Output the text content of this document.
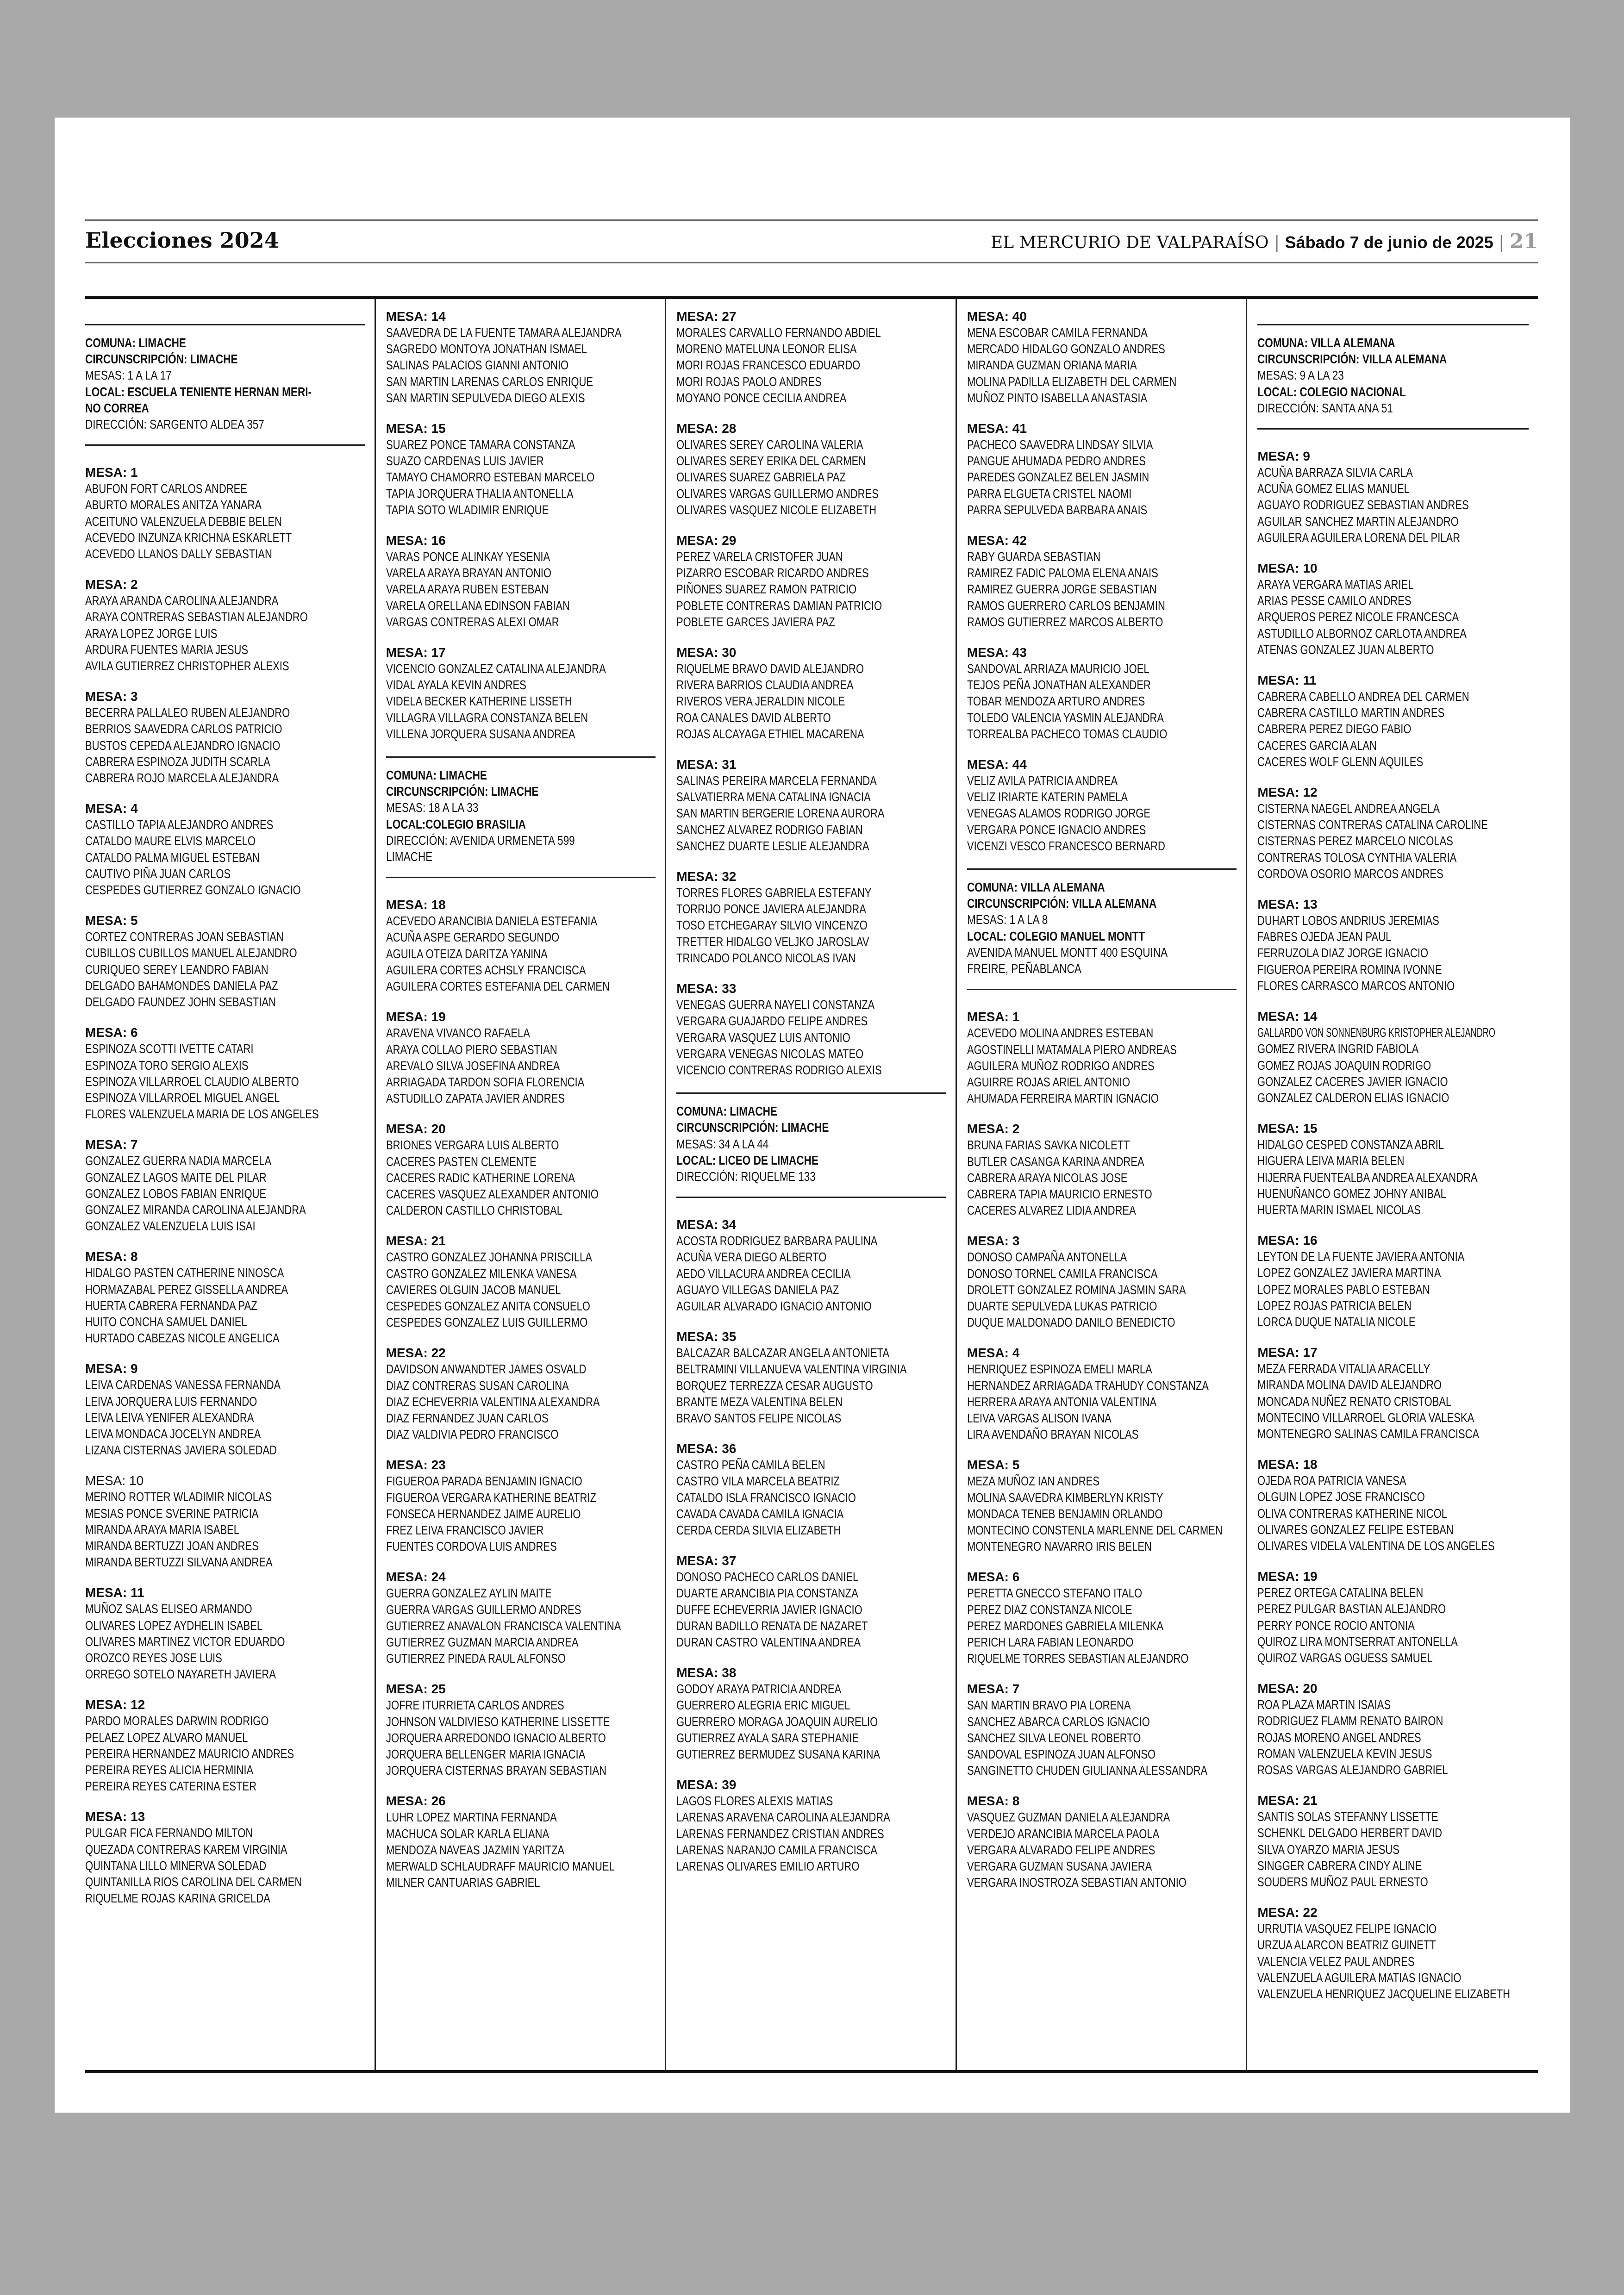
Elecciones 2024	EL MERCURIO DE VALPARAÍSO | Sábado 7 de junio de 2025 | 21
COMUNA: LIMACHE
CIRCUNSCRIPCIÓN: LIMACHE
MESAS: 1 A LA 17
LOCAL: ESCUELA TENIENTE HERNAN MERI-
NO CORREA
DIRECCIÓN: SARGENTO ALDEA 357
MESA: 1
ABUFON FORT CARLOS ANDREE
ABURTO MORALES ANITZA YANARA
ACEITUNO VALENZUELA DEBBIE BELEN
ACEVEDO INZUNZA KRICHNA ESKARLETT
ACEVEDO LLANOS DALLY SEBASTIAN
MESA: 2
ARAYA ARANDA CAROLINA ALEJANDRA
ARAYA CONTRERAS SEBASTIAN ALEJANDRO
ARAYA LOPEZ JORGE LUIS
ARDURA FUENTES MARIA JESUS
AVILA GUTIERREZ CHRISTOPHER ALEXIS
MESA: 3
BECERRA PALLALEO RUBEN ALEJANDRO
BERRIOS SAAVEDRA CARLOS PATRICIO
BUSTOS CEPEDA ALEJANDRO IGNACIO
CABRERA ESPINOZA JUDITH SCARLA
CABRERA ROJO MARCELA ALEJANDRA
MESA: 4
CASTILLO TAPIA ALEJANDRO ANDRES
CATALDO MAURE ELVIS MARCELO
CATALDO PALMA MIGUEL ESTEBAN
CAUTIVO PIÑA JUAN CARLOS
CESPEDES GUTIERREZ GONZALO IGNACIO
MESA: 5
CORTEZ CONTRERAS JOAN SEBASTIAN
CUBILLOS CUBILLOS MANUEL ALEJANDRO
CURIQUEO SEREY LEANDRO FABIAN
DELGADO BAHAMONDES DANIELA PAZ
DELGADO FAUNDEZ JOHN SEBASTIAN
MESA: 6
ESPINOZA SCOTTI IVETTE CATARI
ESPINOZA TORO SERGIO ALEXIS
ESPINOZA VILLARROEL CLAUDIO ALBERTO
ESPINOZA VILLARROEL MIGUEL ANGEL
FLORES VALENZUELA MARIA DE LOS ANGELES
MESA: 7
GONZALEZ GUERRA NADIA MARCELA
GONZALEZ LAGOS MAITE DEL PILAR
GONZALEZ LOBOS FABIAN ENRIQUE
GONZALEZ MIRANDA CAROLINA ALEJANDRA
GONZALEZ VALENZUELA LUIS ISAI
MESA: 8
HIDALGO PASTEN CATHERINE NINOSCA
HORMAZABAL PEREZ GISSELLA ANDREA
HUERTA CABRERA FERNANDA PAZ
HUITO CONCHA SAMUEL DANIEL
HURTADO CABEZAS NICOLE ANGELICA
MESA: 9
LEIVA CARDENAS VANESSA FERNANDA
LEIVA JORQUERA LUIS FERNANDO
LEIVA LEIVA YENIFER ALEXANDRA
LEIVA MONDACA JOCELYN ANDREA
LIZANA CISTERNAS JAVIERA SOLEDAD
MESA: 10
MERINO ROTTER WLADIMIR NICOLAS
MESIAS PONCE SVERINE PATRICIA
MIRANDA ARAYA MARIA ISABEL
MIRANDA BERTUZZI JOAN ANDRES
MIRANDA BERTUZZI SILVANA ANDREA
MESA: 11
MUÑOZ SALAS ELISEO ARMANDO
OLIVARES LOPEZ AYDHELIN ISABEL
OLIVARES MARTINEZ VICTOR EDUARDO
OROZCO REYES JOSE LUIS
ORREGO SOTELO NAYARETH JAVIERA
MESA: 12
PARDO MORALES DARWIN RODRIGO
PELAEZ LOPEZ ALVARO MANUEL
PEREIRA HERNANDEZ MAURICIO ANDRES
PEREIRA REYES ALICIA HERMINIA
PEREIRA REYES CATERINA ESTER
MESA: 13
PULGAR FICA FERNANDO MILTON
QUEZADA CONTRERAS KAREM VIRGINIA
QUINTANA LILLO MINERVA SOLEDAD
QUINTANILLA RIOS CAROLINA DEL CARMEN
RIQUELME ROJAS KARINA GRICELDA
MESA: 14
SAAVEDRA DE LA FUENTE TAMARA ALEJANDRA
SAGREDO MONTOYA JONATHAN ISMAEL
SALINAS PALACIOS GIANNI ANTONIO
SAN MARTIN LARENAS CARLOS ENRIQUE
SAN MARTIN SEPULVEDA DIEGO ALEXIS
MESA: 15
SUAREZ PONCE TAMARA CONSTANZA
SUAZO CARDENAS LUIS JAVIER
TAMAYO CHAMORRO ESTEBAN MARCELO
TAPIA JORQUERA THALIA ANTONELLA
TAPIA SOTO WLADIMIR ENRIQUE
MESA: 16
VARAS PONCE ALINKAY YESENIA
VARELA ARAYA BRAYAN ANTONIO
VARELA ARAYA RUBEN ESTEBAN
VARELA ORELLANA EDINSON FABIAN
VARGAS CONTRERAS ALEXI OMAR
MESA: 17
VICENCIO GONZALEZ CATALINA ALEJANDRA
VIDAL AYALA KEVIN ANDRES
VIDELA BECKER KATHERINE LISSETH
VILLAGRA VILLAGRA CONSTANZA BELEN
VILLENA JORQUERA SUSANA ANDREA
COMUNA: LIMACHE
CIRCUNSCRIPCIÓN: LIMACHE
MESAS: 18 A LA 33
LOCAL:COLEGIO BRASILIA
DIRECCIÓN: AVENIDA URMENETA 599
LIMACHE
MESA: 18
ACEVEDO ARANCIBIA DANIELA ESTEFANIA
ACUÑA ASPE GERARDO SEGUNDO
AGUILA OTEIZA DARITZA YANINA
AGUILERA CORTES ACHSLY FRANCISCA
AGUILERA CORTES ESTEFANIA DEL CARMEN
MESA: 19
ARAVENA VIVANCO RAFAELA
ARAYA COLLAO PIERO SEBASTIAN
AREVALO SILVA JOSEFINA ANDREA
ARRIAGADA TARDON SOFIA FLORENCIA
ASTUDILLO ZAPATA JAVIER ANDRES
MESA: 20
BRIONES VERGARA LUIS ALBERTO
CACERES PASTEN CLEMENTE
CACERES RADIC KATHERINE LORENA
CACERES VASQUEZ ALEXANDER ANTONIO
CALDERON CASTILLO CHRISTOBAL
MESA: 21
CASTRO GONZALEZ JOHANNA PRISCILLA
CASTRO GONZALEZ MILENKA VANESA
CAVIERES OLGUIN JACOB MANUEL
CESPEDES GONZALEZ ANITA CONSUELO
CESPEDES GONZALEZ LUIS GUILLERMO
MESA: 22
DAVIDSON ANWANDTER JAMES OSVALD
DIAZ CONTRERAS SUSAN CAROLINA
DIAZ ECHEVERRIA VALENTINA ALEXANDRA
DIAZ FERNANDEZ JUAN CARLOS
DIAZ VALDIVIA PEDRO FRANCISCO
MESA: 23
FIGUEROA PARADA BENJAMIN IGNACIO
FIGUEROA VERGARA KATHERINE BEATRIZ
FONSECA HERNANDEZ JAIME AURELIO
FREZ LEIVA FRANCISCO JAVIER
FUENTES CORDOVA LUIS ANDRES
MESA: 24
GUERRA GONZALEZ AYLIN MAITE
GUERRA VARGAS GUILLERMO ANDRES
GUTIERREZ ANAVALON FRANCISCA VALENTINA
GUTIERREZ GUZMAN MARCIA ANDREA
GUTIERREZ PINEDA RAUL ALFONSO
MESA: 25
JOFRE ITURRIETA CARLOS ANDRES
JOHNSON VALDIVIESO KATHERINE LISSETTE
JORQUERA ARREDONDO IGNACIO ALBERTO
JORQUERA BELLENGER MARIA IGNACIA
JORQUERA CISTERNAS BRAYAN SEBASTIAN
MESA: 26
LUHR LOPEZ MARTINA FERNANDA
MACHUCA SOLAR KARLA ELIANA
MENDOZA NAVEAS JAZMIN YARITZA
MERWALD SCHLAUDRAFF MAURICIO MANUEL
MILNER CANTUARIAS GABRIEL
MESA: 27
MORALES CARVALLO FERNANDO ABDIEL
MORENO MATELUNA LEONOR ELISA
MORI ROJAS FRANCESCO EDUARDO
MORI ROJAS PAOLO ANDRES
MOYANO PONCE CECILIA ANDREA
MESA: 28
OLIVARES SEREY CAROLINA VALERIA
OLIVARES SEREY ERIKA DEL CARMEN
OLIVARES SUAREZ GABRIELA PAZ
OLIVARES VARGAS GUILLERMO ANDRES
OLIVARES VASQUEZ NICOLE ELIZABETH
MESA: 29
PEREZ VARELA CRISTOFER JUAN
PIZARRO ESCOBAR RICARDO ANDRES
PIÑONES SUAREZ RAMON PATRICIO
POBLETE CONTRERAS DAMIAN PATRICIO
POBLETE GARCES JAVIERA PAZ
MESA: 30
RIQUELME BRAVO DAVID ALEJANDRO
RIVERA BARRIOS CLAUDIA ANDREA
RIVEROS VERA JERALDIN NICOLE
ROA CANALES DAVID ALBERTO
ROJAS ALCAYAGA ETHIEL MACARENA
MESA: 31
SALINAS PEREIRA MARCELA FERNANDA
SALVATIERRA MENA CATALINA IGNACIA
SAN MARTIN BERGERIE LORENA AURORA
SANCHEZ ALVAREZ RODRIGO FABIAN
SANCHEZ DUARTE LESLIE ALEJANDRA
MESA: 32
TORRES FLORES GABRIELA ESTEFANY
TORRIJO PONCE JAVIERA ALEJANDRA
TOSO ETCHEGARAY SILVIO VINCENZO
TRETTER HIDALGO VELJKO JAROSLAV
TRINCADO POLANCO NICOLAS IVAN
MESA: 33
VENEGAS GUERRA NAYELI CONSTANZA
VERGARA GUAJARDO FELIPE ANDRES
VERGARA VASQUEZ LUIS ANTONIO
VERGARA VENEGAS NICOLAS MATEO
VICENCIO CONTRERAS RODRIGO ALEXIS
COMUNA: LIMACHE
CIRCUNSCRIPCIÓN: LIMACHE
MESAS: 34 A LA 44
LOCAL: LICEO DE LIMACHE
DIRECCIÓN: RIQUELME 133
MESA: 34
ACOSTA RODRIGUEZ BARBARA PAULINA
ACUÑA VERA DIEGO ALBERTO
AEDO VILLACURA ANDREA CECILIA
AGUAYO VILLEGAS DANIELA PAZ
AGUILAR ALVARADO IGNACIO ANTONIO
MESA: 35
BALCAZAR BALCAZAR ANGELA ANTONIETA
BELTRAMINI VILLANUEVA VALENTINA VIRGINIA
BORQUEZ TERREZZA CESAR AUGUSTO
BRANTE MEZA VALENTINA BELEN
BRAVO SANTOS FELIPE NICOLAS
MESA: 36
CASTRO PEÑA CAMILA BELEN
CASTRO VILA MARCELA BEATRIZ
CATALDO ISLA FRANCISCO IGNACIO
CAVADA CAVADA CAMILA IGNACIA
CERDA CERDA SILVIA ELIZABETH
MESA: 37
DONOSO PACHECO CARLOS DANIEL
DUARTE ARANCIBIA PIA CONSTANZA
DUFFE ECHEVERRIA JAVIER IGNACIO
DURAN BADILLO RENATA DE NAZARET
DURAN CASTRO VALENTINA ANDREA
MESA: 38
GODOY ARAYA PATRICIA ANDREA
GUERRERO ALEGRIA ERIC MIGUEL
GUERRERO MORAGA JOAQUIN AURELIO
GUTIERREZ AYALA SARA STEPHANIE
GUTIERREZ BERMUDEZ SUSANA KARINA
MESA: 39
LAGOS FLORES ALEXIS MATIAS
LARENAS ARAVENA CAROLINA ALEJANDRA
LARENAS FERNANDEZ CRISTIAN ANDRES
LARENAS NARANJO CAMILA FRANCISCA
LARENAS OLIVARES EMILIO ARTURO
MESA: 40
MENA ESCOBAR CAMILA FERNANDA
MERCADO HIDALGO GONZALO ANDRES
MIRANDA GUZMAN ORIANA MARIA
MOLINA PADILLA ELIZABETH DEL CARMEN
MUÑOZ PINTO ISABELLA ANASTASIA
MESA: 41
PACHECO SAAVEDRA LINDSAY SILVIA
PANGUE AHUMADA PEDRO ANDRES
PAREDES GONZALEZ BELEN JASMIN
PARRA ELGUETA CRISTEL NAOMI
PARRA SEPULVEDA BARBARA ANAIS
MESA: 42
RABY GUARDA SEBASTIAN
RAMIREZ FADIC PALOMA ELENA ANAIS
RAMIREZ GUERRA JORGE SEBASTIAN
RAMOS GUERRERO CARLOS BENJAMIN
RAMOS GUTIERREZ MARCOS ALBERTO
MESA: 43
SANDOVAL ARRIAZA MAURICIO JOEL
TEJOS PEÑA JONATHAN ALEXANDER
TOBAR MENDOZA ARTURO ANDRES
TOLEDO VALENCIA YASMIN ALEJANDRA
TORREALBA PACHECO TOMAS CLAUDIO
MESA: 44
VELIZ AVILA PATRICIA ANDREA
VELIZ IRIARTE KATERIN PAMELA
VENEGAS ALAMOS RODRIGO JORGE
VERGARA PONCE IGNACIO ANDRES
VICENZI VESCO FRANCESCO BERNARD
COMUNA: VILLA ALEMANA
CIRCUNSCRIPCIÓN: VILLA ALEMANA
MESAS: 1 A LA 8
LOCAL: COLEGIO MANUEL MONTT
AVENIDA MANUEL MONTT 400 ESQUINA
FREIRE, PEÑABLANCA
MESA: 1
ACEVEDO MOLINA ANDRES ESTEBAN
AGOSTINELLI MATAMALA PIERO ANDREAS
AGUILERA MUÑOZ RODRIGO ANDRES
AGUIRRE ROJAS ARIEL ANTONIO
AHUMADA FERREIRA MARTIN IGNACIO
MESA: 2
BRUNA FARIAS SAVKA NICOLETT
BUTLER CASANGA KARINA ANDREA
CABRERA ARAYA NICOLAS JOSE
CABRERA TAPIA MAURICIO ERNESTO
CACERES ALVAREZ LIDIA ANDREA
MESA: 3
DONOSO CAMPAÑA ANTONELLA
DONOSO TORNEL CAMILA FRANCISCA
DROLETT GONZALEZ ROMINA JASMIN SARA
DUARTE SEPULVEDA LUKAS PATRICIO
DUQUE MALDONADO DANILO BENEDICTO
MESA: 4
HENRIQUEZ ESPINOZA EMELI MARLA
HERNANDEZ ARRIAGADA TRAHUDY CONSTANZA
HERRERA ARAYA ANTONIA VALENTINA
LEIVA VARGAS ALISON IVANA
LIRA AVENDAÑO BRAYAN NICOLAS
MESA: 5
MEZA MUÑOZ IAN ANDRES
MOLINA SAAVEDRA KIMBERLYN KRISTY
MONDACA TENEB BENJAMIN ORLANDO
MONTECINO CONSTENLA MARLENNE DEL CARMEN
MONTENEGRO NAVARRO IRIS BELEN
MESA: 6
PERETTA GNECCO STEFANO ITALO
PEREZ DIAZ CONSTANZA NICOLE
PEREZ MARDONES GABRIELA MILENKA
PERICH LARA FABIAN LEONARDO
RIQUELME TORRES SEBASTIAN ALEJANDRO
MESA: 7
SAN MARTIN BRAVO PIA LORENA
SANCHEZ ABARCA CARLOS IGNACIO
SANCHEZ SILVA LEONEL ROBERTO
SANDOVAL ESPINOZA JUAN ALFONSO
SANGINETTO CHUDEN GIULIANNA ALESSANDRA
MESA: 8
VASQUEZ GUZMAN DANIELA ALEJANDRA
VERDEJO ARANCIBIA MARCELA PAOLA
VERGARA ALVARADO FELIPE ANDRES
VERGARA GUZMAN SUSANA JAVIERA
VERGARA INOSTROZA SEBASTIAN ANTONIO
COMUNA: VILLA ALEMANA
CIRCUNSCRIPCIÓN: VILLA ALEMANA
MESAS: 9 A LA 23
LOCAL: COLEGIO NACIONAL
DIRECCIÓN: SANTA ANA 51
MESA: 9
ACUÑA BARRAZA SILVIA CARLA
ACUÑA GOMEZ ELIAS MANUEL
AGUAYO RODRIGUEZ SEBASTIAN ANDRES
AGUILAR SANCHEZ MARTIN ALEJANDRO
AGUILERA AGUILERA LORENA DEL PILAR
MESA: 10
ARAYA VERGARA MATIAS ARIEL
ARIAS PESSE CAMILO ANDRES
ARQUEROS PEREZ NICOLE FRANCESCA
ASTUDILLO ALBORNOZ CARLOTA ANDREA
ATENAS GONZALEZ JUAN ALBERTO
MESA: 11
CABRERA CABELLO ANDREA DEL CARMEN
CABRERA CASTILLO MARTIN ANDRES
CABRERA PEREZ DIEGO FABIO
CACERES GARCIA ALAN
CACERES WOLF GLENN AQUILES
MESA: 12
CISTERNA NAEGEL ANDREA ANGELA
CISTERNAS CONTRERAS CATALINA CAROLINE
CISTERNAS PEREZ MARCELO NICOLAS
CONTRERAS TOLOSA CYNTHIA VALERIA
CORDOVA OSORIO MARCOS ANDRES
MESA: 13
DUHART LOBOS ANDRIUS JEREMIAS
FABRES OJEDA JEAN PAUL
FERRUZOLA DIAZ JORGE IGNACIO
FIGUEROA PEREIRA ROMINA IVONNE
FLORES CARRASCO MARCOS ANTONIO
MESA: 14
GALLARDO VON SONNENBURG KRISTOPHER ALEJANDRO
GOMEZ RIVERA INGRID FABIOLA
GOMEZ ROJAS JOAQUIN RODRIGO
GONZALEZ CACERES JAVIER IGNACIO
GONZALEZ CALDERON ELIAS IGNACIO
MESA: 15
HIDALGO CESPED CONSTANZA ABRIL
HIGUERA LEIVA MARIA BELEN
HIJERRA FUENTEALBA ANDREA ALEXANDRA
HUENUÑANCO GOMEZ JOHNY ANIBAL
HUERTA MARIN ISMAEL NICOLAS
MESA: 16
LEYTON DE LA FUENTE JAVIERA ANTONIA
LOPEZ GONZALEZ JAVIERA MARTINA
LOPEZ MORALES PABLO ESTEBAN
LOPEZ ROJAS PATRICIA BELEN
LORCA DUQUE NATALIA NICOLE
MESA: 17
MEZA FERRADA VITALIA ARACELLY
MIRANDA MOLINA DAVID ALEJANDRO
MONCADA NUÑEZ RENATO CRISTOBAL
MONTECINO VILLARROEL GLORIA VALESKA
MONTENEGRO SALINAS CAMILA FRANCISCA
MESA: 18
OJEDA ROA PATRICIA VANESA
OLGUIN LOPEZ JOSE FRANCISCO
OLIVA CONTRERAS KATHERINE NICOL
OLIVARES GONZALEZ FELIPE ESTEBAN
OLIVARES VIDELA VALENTINA DE LOS ANGELES
MESA: 19
PEREZ ORTEGA CATALINA BELEN
PEREZ PULGAR BASTIAN ALEJANDRO
PERRY PONCE ROCIO ANTONIA
QUIROZ LIRA MONTSERRAT ANTONELLA
QUIROZ VARGAS OGUESS SAMUEL
MESA: 20
ROA PLAZA MARTIN ISAIAS
RODRIGUEZ FLAMM RENATO BAIRON
ROJAS MORENO ANGEL ANDRES
ROMAN VALENZUELA KEVIN JESUS
ROSAS VARGAS ALEJANDRO GABRIEL
MESA: 21
SANTIS SOLAS STEFANNY LISSETTE
SCHENKL DELGADO HERBERT DAVID
SILVA OYARZO MARIA JESUS
SINGGER CABRERA CINDY ALINE
SOUDERS MUÑOZ PAUL ERNESTO
MESA: 22
URRUTIA VASQUEZ FELIPE IGNACIO
URZUA ALARCON BEATRIZ GUINETT
VALENCIA VELEZ PAUL ANDRES
VALENZUELA AGUILERA MATIAS IGNACIO
VALENZUELA HENRIQUEZ JACQUELINE ELIZABETH
